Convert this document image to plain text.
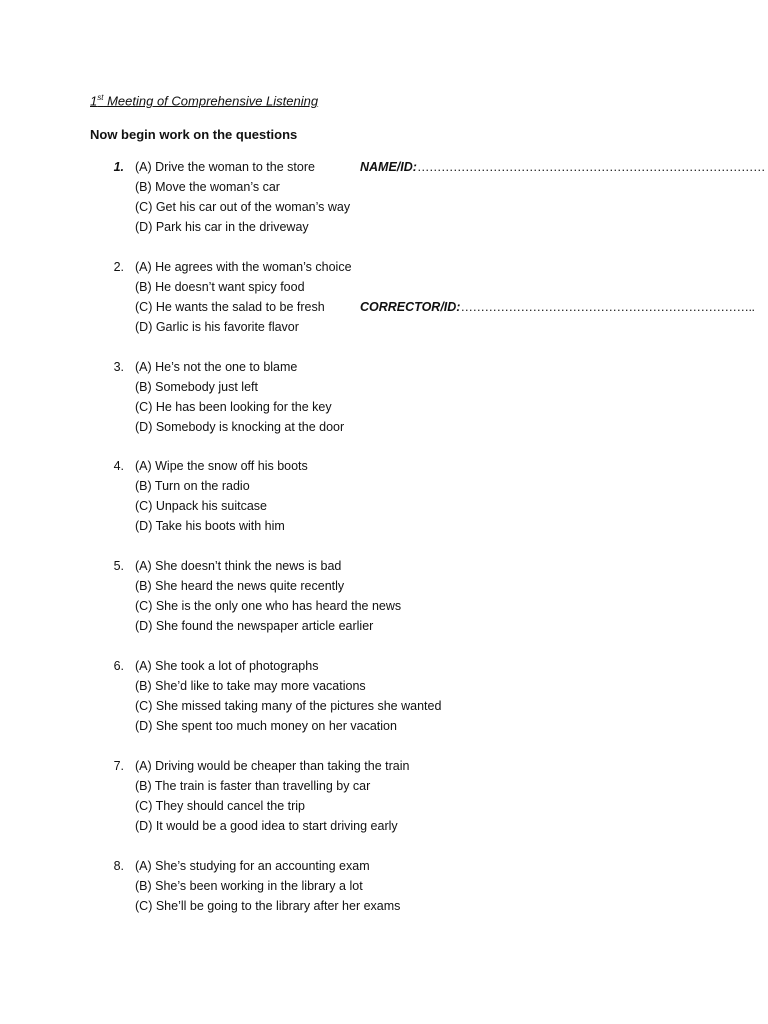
1st Meeting of Comprehensive Listening
Now begin work on the questions
NAME/ID:……………………………………………………………………………
CORRECTOR/ID:………………………………………………………………..
1. (A) Drive the woman to the store
(B) Move the woman’s car
(C) Get his car out of the woman’s way
(D) Park his car in the driveway
2. (A) He agrees with the woman’s choice
(B) He doesn’t want spicy food
(C) He wants the salad to be fresh
(D) Garlic is his favorite flavor
3. (A) He’s not the one to blame
(B) Somebody just left
(C) He has been looking for the key
(D) Somebody is knocking at the door
4. (A) Wipe the snow off his boots
(B) Turn on the radio
(C) Unpack his suitcase
(D) Take his boots with him
5. (A) She doesn’t think the news is bad
(B) She heard the news quite recently
(C) She is the only one who has heard the news
(D) She found the newspaper article earlier
6. (A) She took a lot of photographs
(B) She’d like to take may more vacations
(C) She missed taking many of the pictures she wanted
(D) She spent too much money on her vacation
7. (A) Driving would be cheaper than taking the train
(B) The train is faster than travelling by car
(C) They should cancel the trip
(D) It would be a good idea to start driving early
8. (A) She’s studying for an accounting exam
(B) She’s been working in the library a lot
(C) She’ll be going to the library after her exams
